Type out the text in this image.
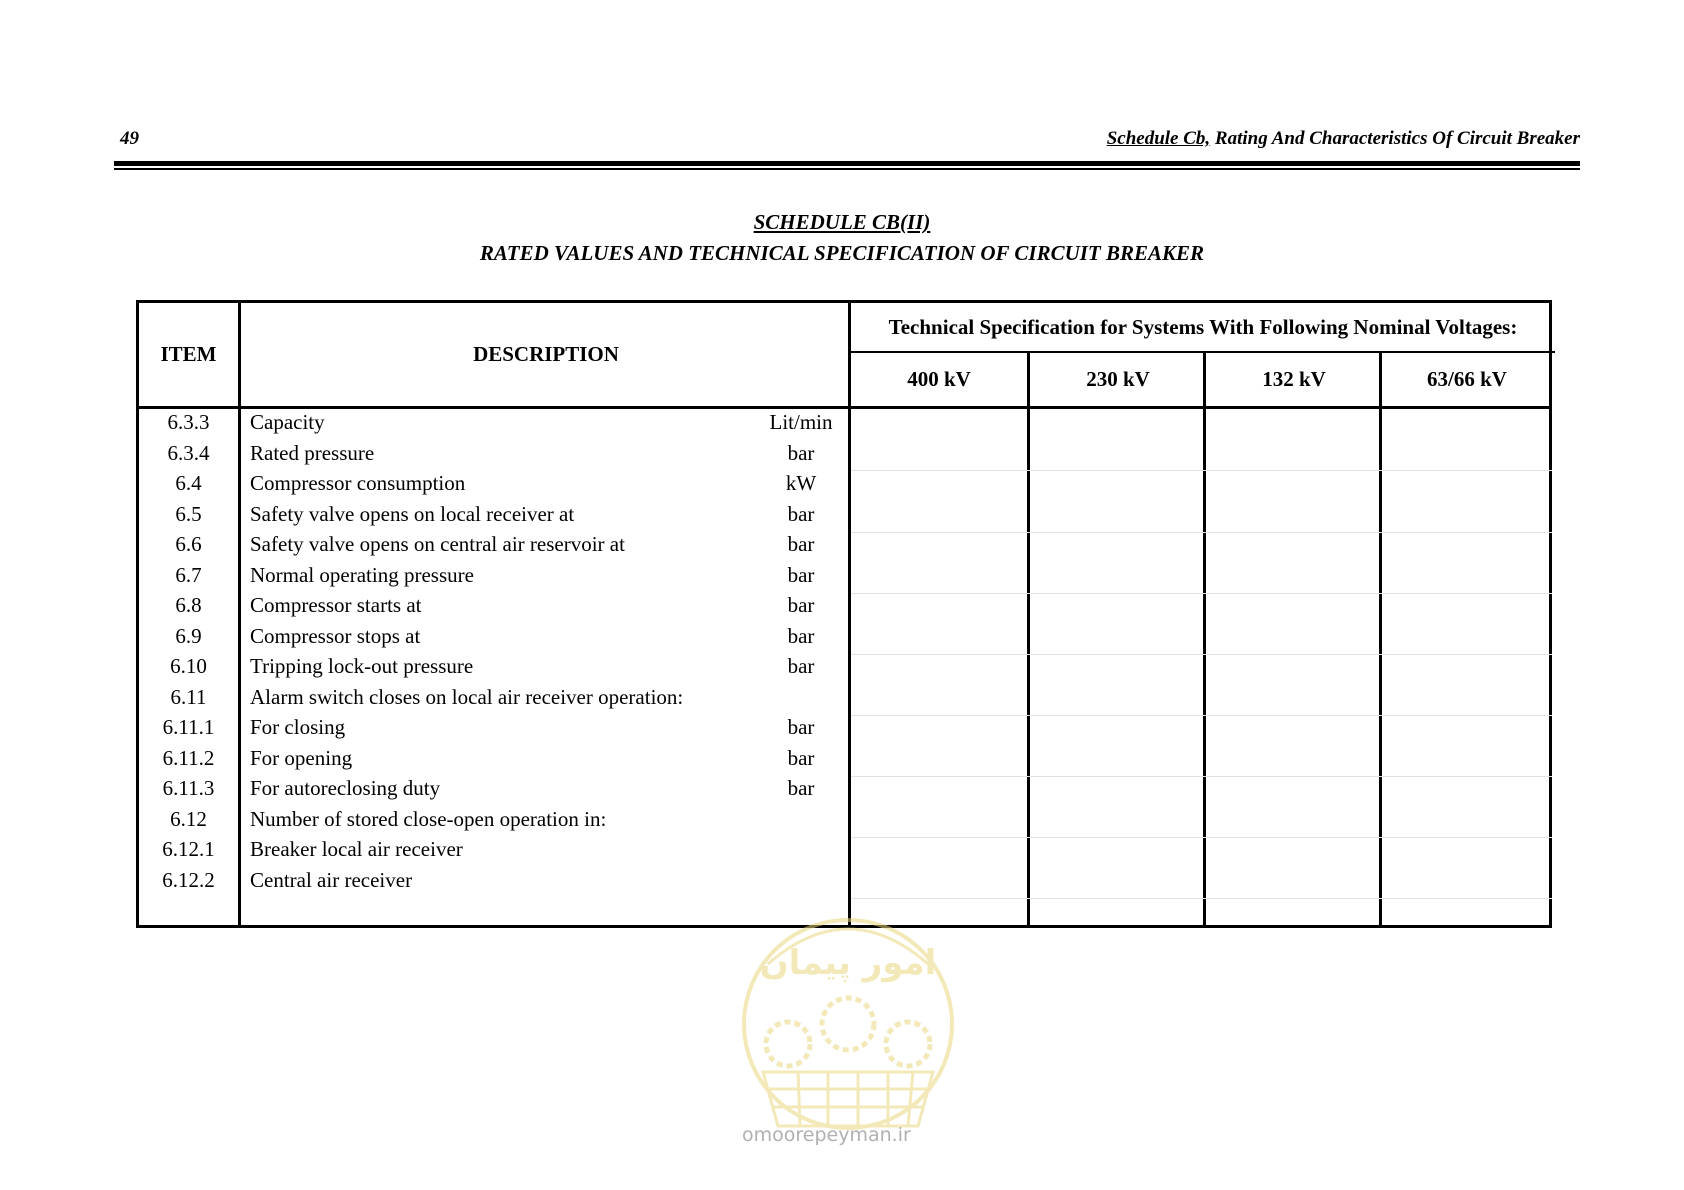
49	Schedule Cb, Rating And Characteristics Of Circuit Breaker
SCHEDULE CB(II)
RATED VALUES AND TECHNICAL SPECIFICATION OF CIRCUIT BREAKER
ITEM	DESCRIPTION
Technical Specification for Systems With Following Nominal Voltages:
400 kV	230 kV	132 kV	63/66 kV
6.3.3	Capacity	Lit/min
6.3.4	Rated pressure	bar
6.4	Compressor consumption	kW
6.5	Safety valve opens on local receiver at	bar
6.6	Safety valve opens on central air reservoir at	bar
6.7	Normal operating pressure	bar
6.8	Compressor starts at	bar
6.9	Compressor stops at	bar
6.10	Tripping lock-out pressure	bar
6.11	Alarm switch closes on local air receiver operation:
6.11.1	For closing	bar
6.11.2	For opening	bar
6.11.3	For autoreclosing duty	bar
6.12	Number of stored close-open operation in:
6.12.1	Breaker local air receiver
6.12.2	Central air receiver
امور پیمان
omoorepeyman.ir
